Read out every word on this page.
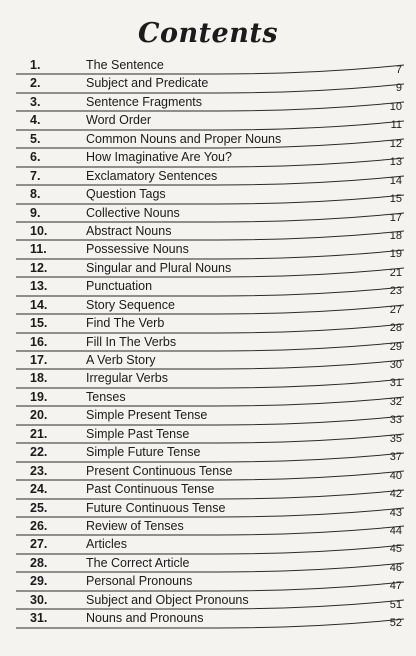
Contents
1.	The Sentence	7
2.	Subject and Predicate	9
3.	Sentence Fragments	10
4.	Word Order	11
5.	Common Nouns and Proper Nouns	12
6.	How Imaginative Are You?	13
7.	Exclamatory Sentences	14
8.	Question Tags	15
9.	Collective Nouns	17
10.	Abstract Nouns	18
11.	Possessive Nouns	19
12.	Singular and Plural Nouns	21
13.	Punctuation	23
14.	Story Sequence	27
15.	Find The Verb	28
16.	Fill In The Verbs	29
17.	A Verb Story	30
18.	Irregular Verbs	31
19.	Tenses	32
20.	Simple Present Tense	33
21.	Simple Past Tense	35
22.	Simple Future Tense	37
23.	Present Continuous Tense	40
24.	Past Continuous Tense	42
25.	Future Continuous Tense	43
26.	Review of Tenses	44
27.	Articles	45
28.	The Correct Article	46
29.	Personal Pronouns	47
30.	Subject and Object Pronouns	51
31.	Nouns and Pronouns	52
